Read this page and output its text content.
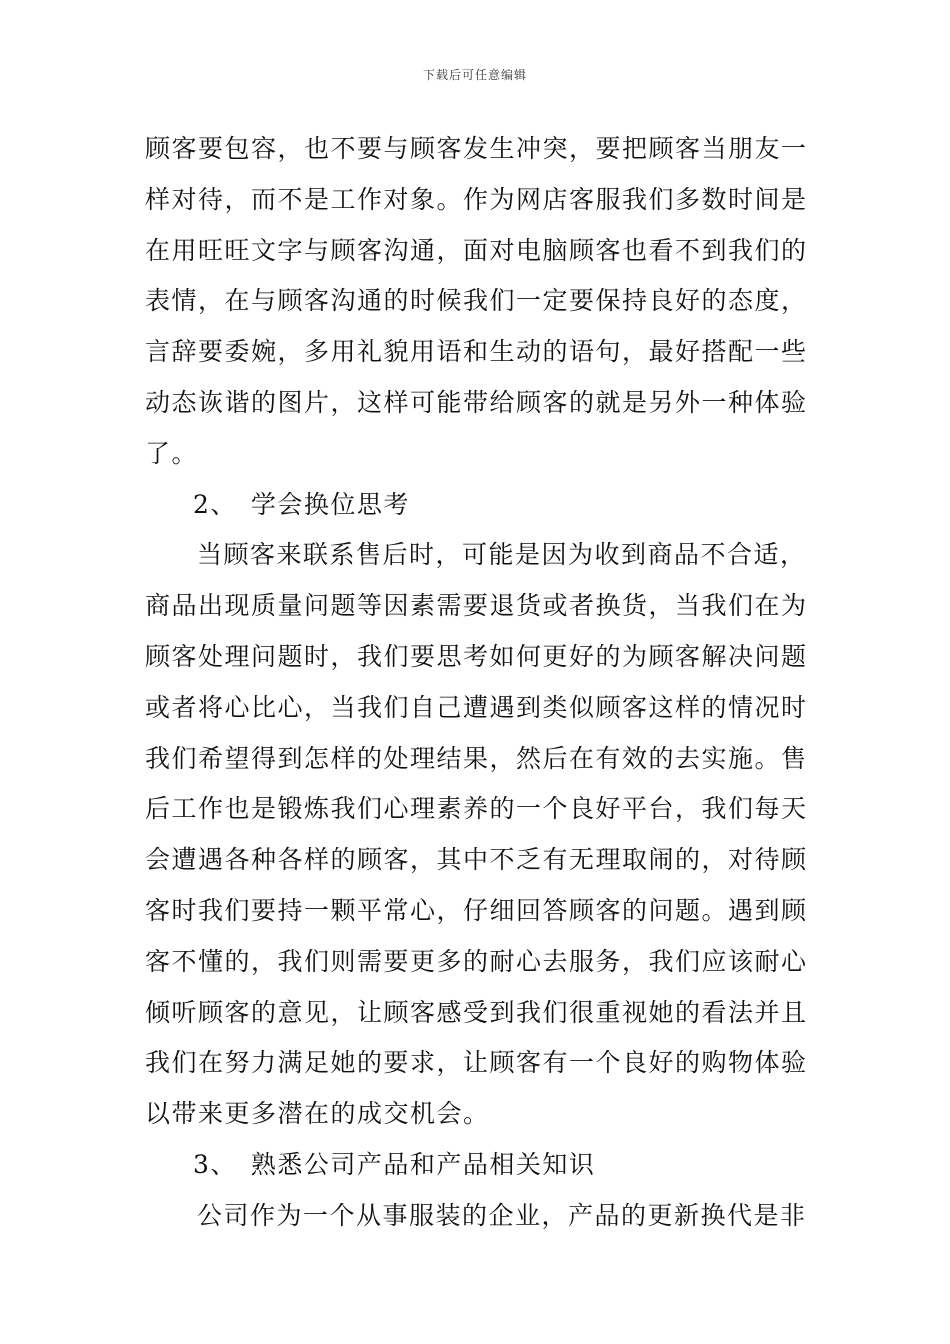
下载后可任意编辑
顾客要包容，也不要与顾客发生冲突，要把顾客当朋友一
样对待，而不是工作对象。作为网店客服我们多数时间是
在用旺旺文字与顾客沟通，面对电脑顾客也看不到我们的
表情，在与顾客沟通的时候我们一定要保持良好的态度，
言辞要委婉，多用礼貌用语和生动的语句，最好搭配一些
动态诙谐的图片，这样可能带给顾客的就是另外一种体验
了。
2、　学会换位思考
当顾客来联系售后时，可能是因为收到商品不合适，
商品出现质量问题等因素需要退货或者换货，当我们在为
顾客处理问题时，我们要思考如何更好的为顾客解决问题
或者将心比心，当我们自己遭遇到类似顾客这样的情况时
我们希望得到怎样的处理结果，然后在有效的去实施。售
后工作也是锻炼我们心理素养的一个良好平台，我们每天
会遭遇各种各样的顾客，其中不乏有无理取闹的，对待顾
客时我们要持一颗平常心，仔细回答顾客的问题。遇到顾
客不懂的，我们则需要更多的耐心去服务，我们应该耐心
倾听顾客的意见，让顾客感受到我们很重视她的看法并且
我们在努力满足她的要求，让顾客有一个良好的购物体验
以带来更多潜在的成交机会。
3、　熟悉公司产品和产品相关知识
公司作为一个从事服装的企业，产品的更新换代是非
